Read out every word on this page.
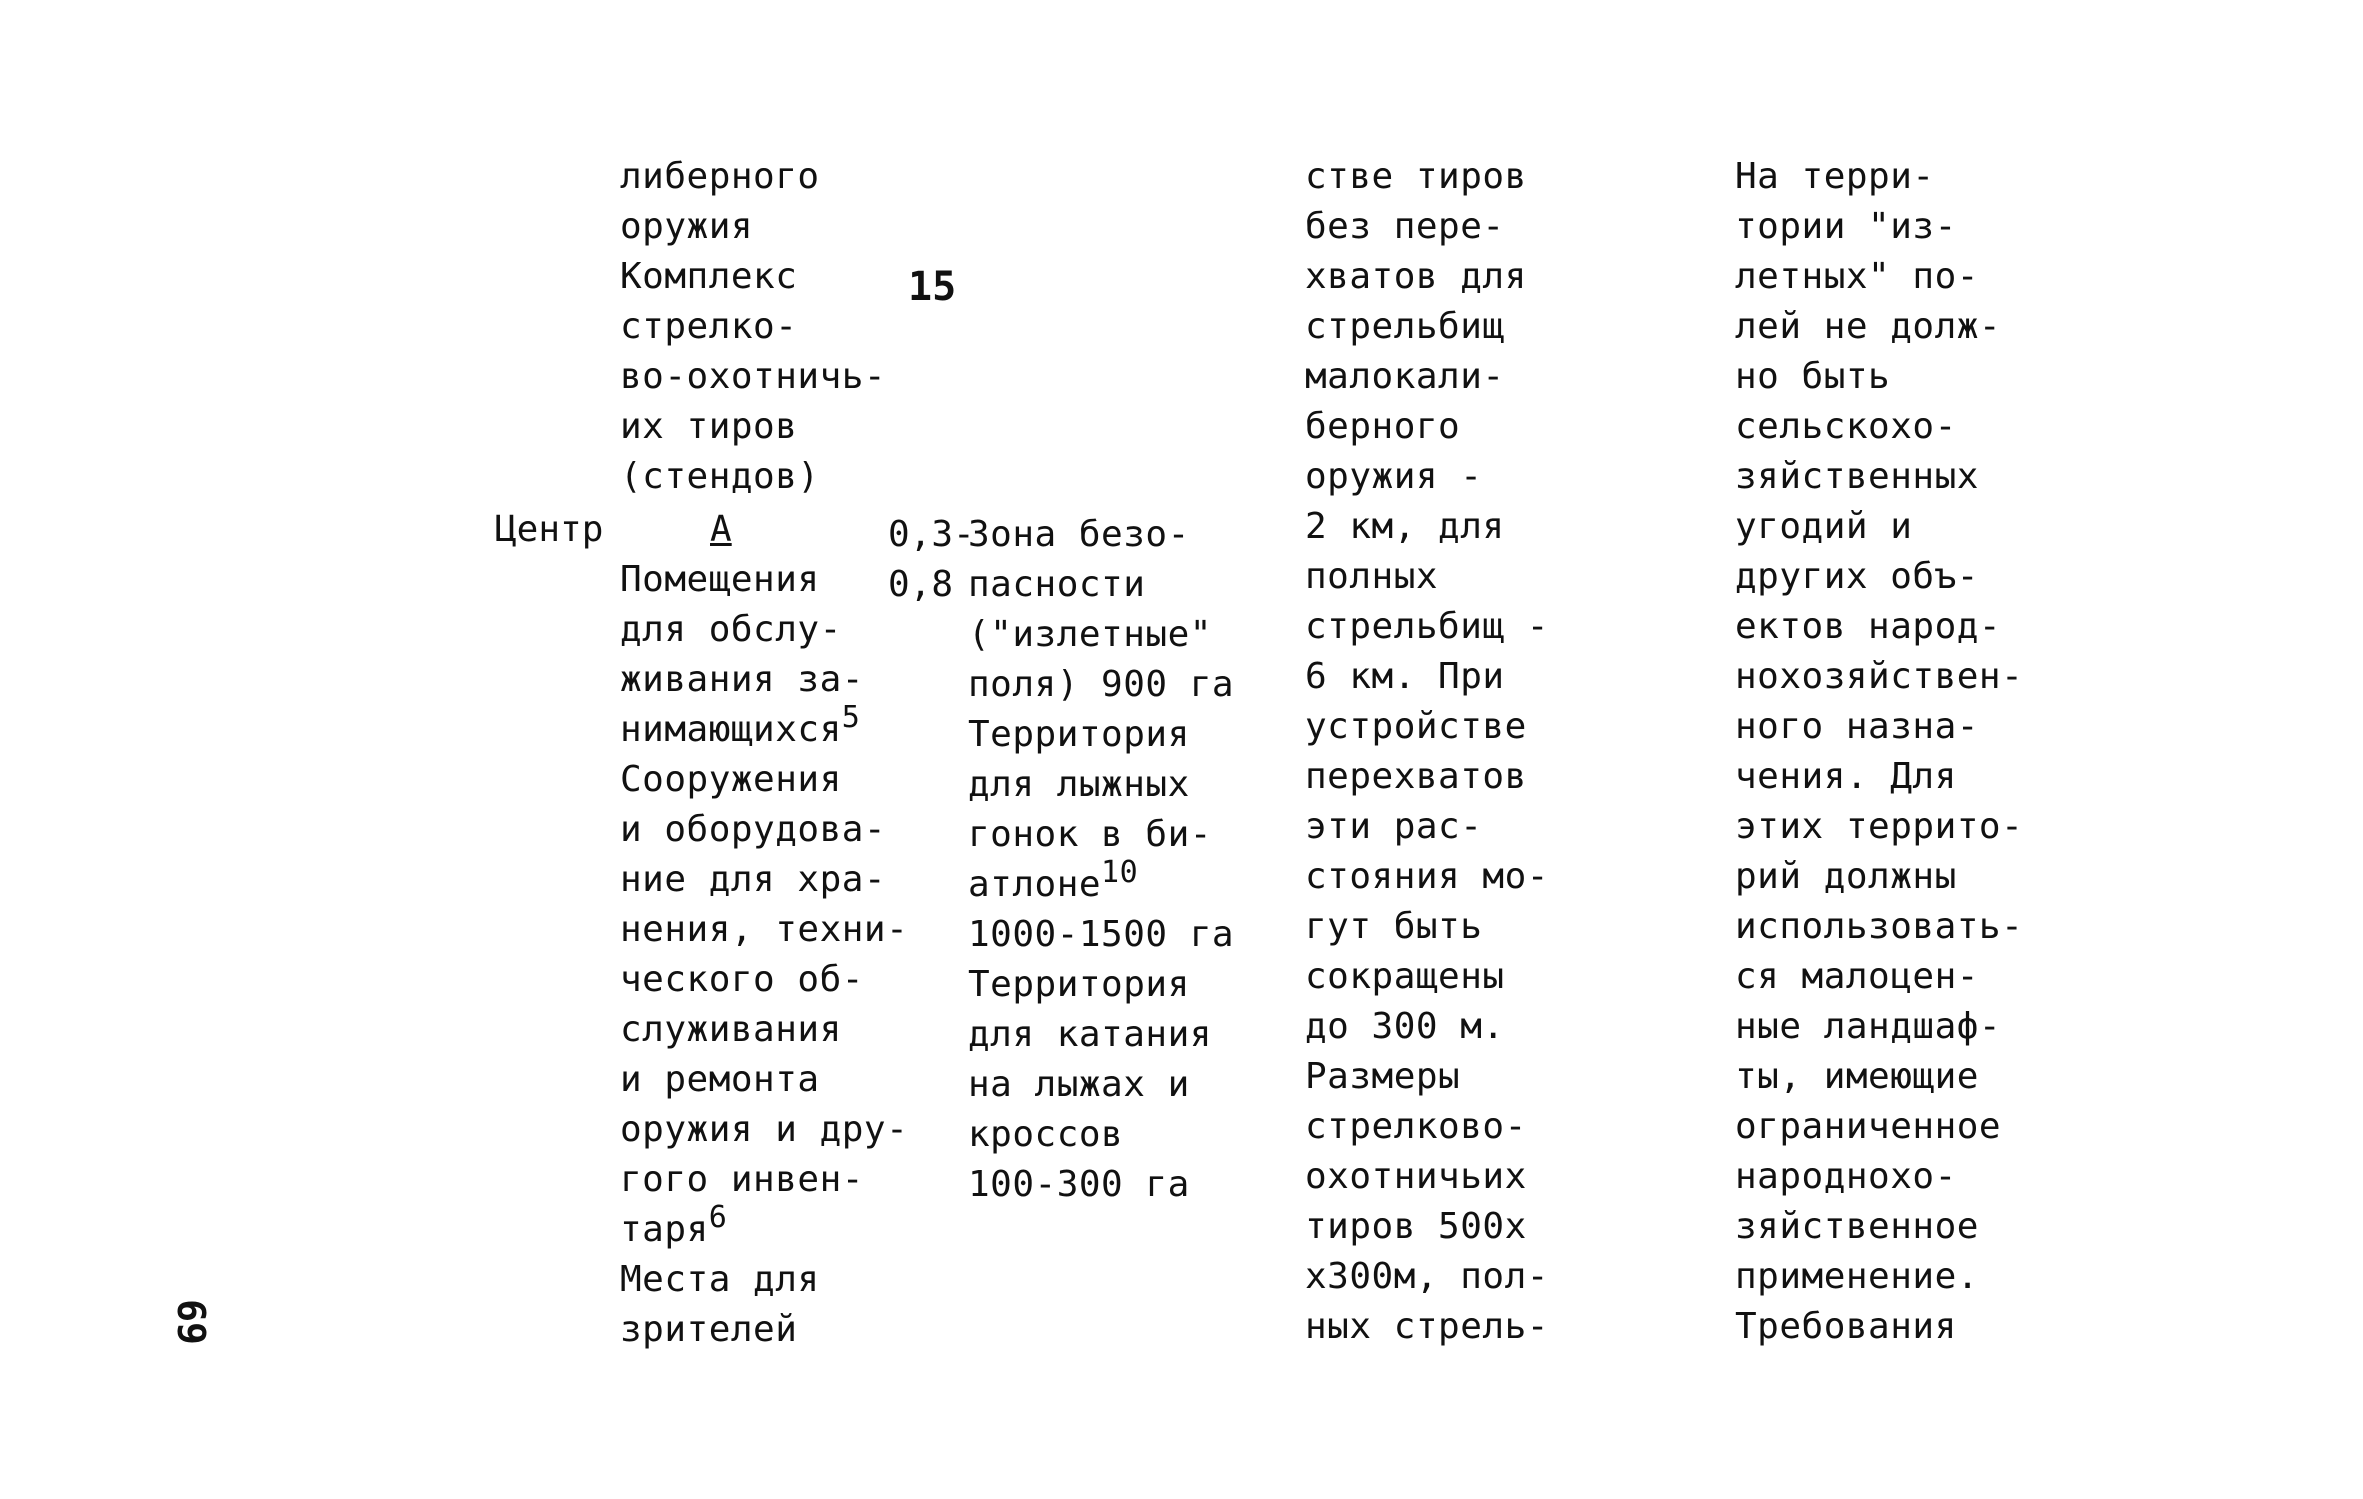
либерного
оружия
Комплекс
стрелко-
во-охотничь-
их тиров
(стендов)
15
Центр	А	0,3-
0,8
Помещения
для обслу-
живания за-
нимающихся$^5$
Сооружения
и оборудова-
ние для хра-
нения, техни-
ческого об-
служивания
и ремонта
оружия и дру-
гого инвен-
таря$^6$
Места для
зрителей
Зона безо-
пасности
("излетные"
поля) 900 га
Территория
для лыжных
гонок в би-
атлоне$^{10}$
1000-1500 га
Территория
для катания
на лыжах и
кроссов
100-300 га
стве тиров
без пере-
хватов для
стрельбищ
малокали-
берного
оружия -
2 км, для
полных
стрельбищ -
6 км. При
устройстве
перехватов
эти рас-
стояния мо-
гут быть
сокращены
до 300 м.
Размеры
стрелково-
охотничьих
тиров 500х
х300м, пол-
ных стрель-
На терри-
тории "из-
летных" по-
лей не долж-
но быть
сельскохо-
зяйственных
угодий и
других объ-
ектов народ-
нохозяйствен-
ного назна-
чения. Для
этих террито-
рий должны
использовать-
ся малоцен-
ные ландшаф-
ты, имеющие
ограниченное
народнохо-
зяйственное
применение.
Требования
69
